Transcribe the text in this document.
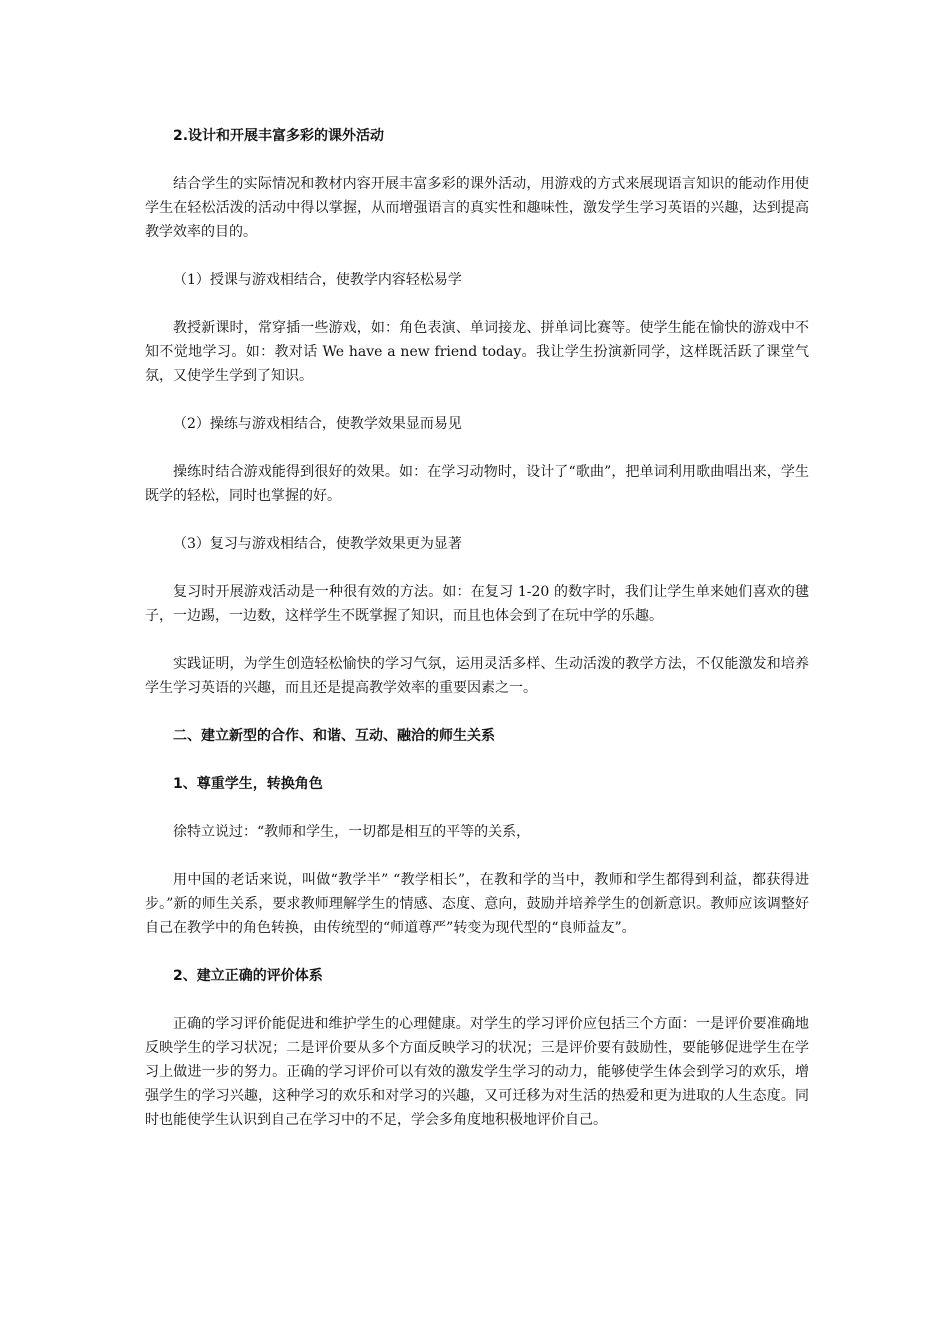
2.设计和开展丰富多彩的课外活动

结合学生的实际情况和教材内容开展丰富多彩的课外活动，用游戏的方式来展现语言知识的能动作用使学生在轻松活泼的活动中得以掌握，从而增强语言的真实性和趣味性，激发学生学习英语的兴趣，达到提高教学效率的目的。

（1）授课与游戏相结合，使教学内容轻松易学

教授新课时，常穿插一些游戏，如：角色表演、单词接龙、拼单词比赛等。使学生能在愉快的游戏中不知不觉地学习。如：教对话 We have a new friend today。我让学生扮演新同学，这样既活跃了课堂气氛，又使学生学到了知识。

（2）操练与游戏相结合，使教学效果显而易见

操练时结合游戏能得到很好的效果。如：在学习动物时，设计了“歌曲”，把单词利用歌曲唱出来，学生既学的轻松，同时也掌握的好。

（3）复习与游戏相结合，使教学效果更为显著

复习时开展游戏活动是一种很有效的方法。如：在复习 1-20 的数字时，我们让学生单来她们喜欢的毽子，一边踢，一边数，这样学生不既掌握了知识，而且也体会到了在玩中学的乐趣。

实践证明，为学生创造轻松愉快的学习气氛，运用灵活多样、生动活泼的教学方法，不仅能激发和培养学生学习英语的兴趣，而且还是提高教学效率的重要因素之一。

二、建立新型的合作、和谐、互动、融洽的师生关系

1、尊重学生，转换角色

徐特立说过：“教师和学生，一切都是相互的平等的关系，

用中国的老话来说，叫做“教学半” “教学相长”，在教和学的当中，教师和学生都得到利益，都获得进步。”新的师生关系，要求教师理解学生的情感、态度、意向，鼓励并培养学生的创新意识。教师应该调整好自己在教学中的角色转换，由传统型的“师道尊严”转变为现代型的“良师益友”。

2、建立正确的评价体系

正确的学习评价能促进和维护学生的心理健康。对学生的学习评价应包括三个方面：一是评价要准确地反映学生的学习状况；二是评价要从多个方面反映学习的状况；三是评价要有鼓励性，要能够促进学生在学习上做进一步的努力。正确的学习评价可以有效的激发学生学习的动力，能够使学生体会到学习的欢乐，增强学生的学习兴趣，这种学习的欢乐和对学习的兴趣，又可迁移为对生活的热爱和更为进取的人生态度。同时也能使学生认识到自己在学习中的不足，学会多角度地积极地评价自己。
